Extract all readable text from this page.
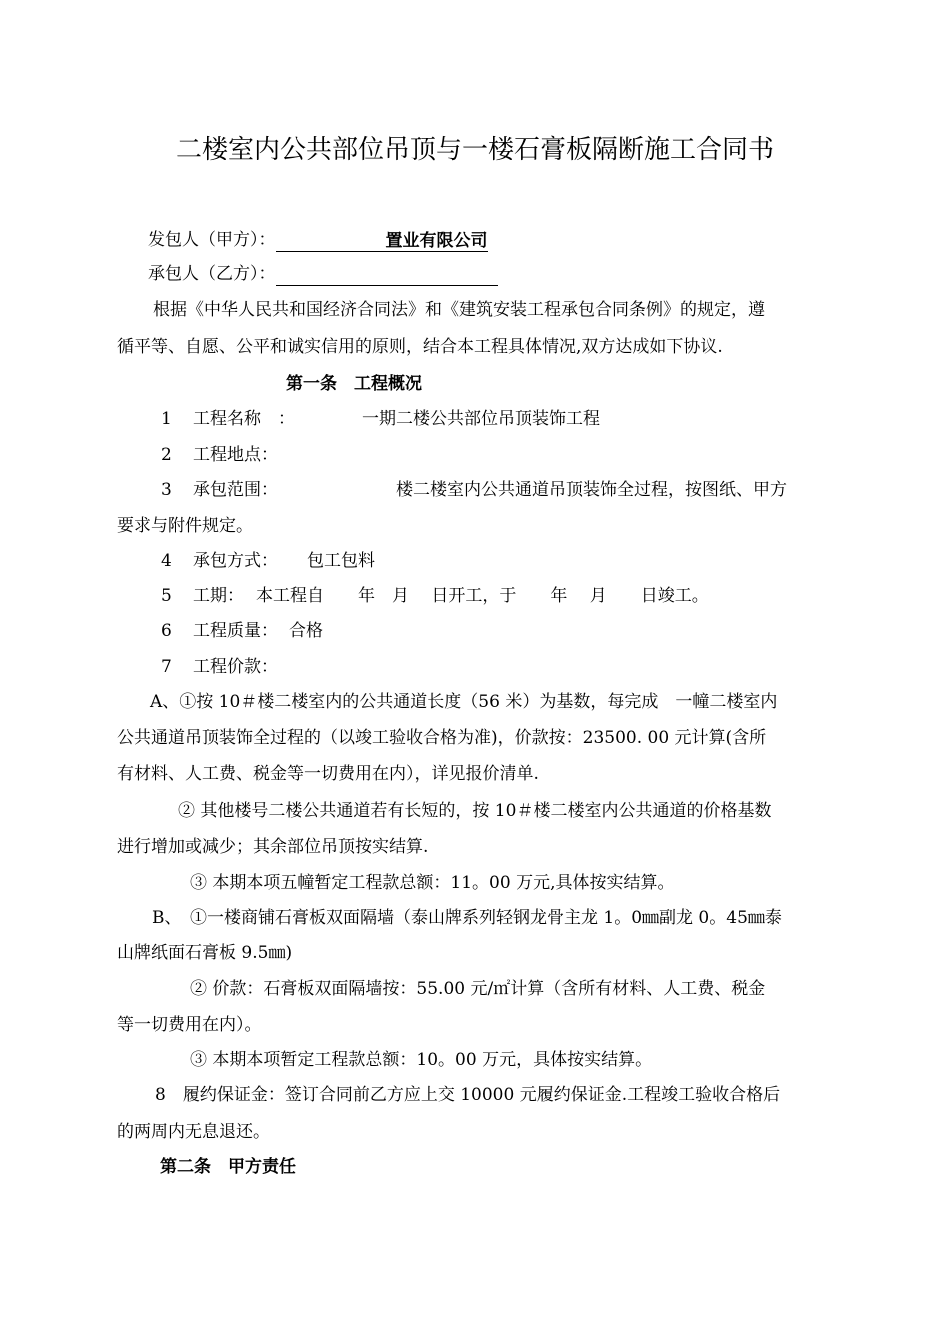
二楼室内公共部位吊顶与一楼石膏板隔断施工合同书
发包人（甲方）：	置业有限公司
承包人（乙方）：
根据《中华人民共和国经济合同法》和《建筑安装工程承包合同条例》的规定，遵
循平等、自愿、公平和诚实信用的原则，结合本工程具体情况,双方达成如下协议.
第一条　工程概况
1 工程名称　：	一期二楼公共部位吊顶装饰工程
2 工程地点：
3 承包范围：	楼二楼室内公共通道吊顶装饰全过程，按图纸、甲方
要求与附件规定。
4 承包方式： 包工包料
5 工期： 本工程自　　年　月　 日开工，于　　年　 月　　日竣工。
6 工程质量： 合格
7 工程价款：
A、①按 10＃楼二楼室内的公共通道长度（56 米）为基数，每完成　一幢二楼室内
公共通道吊顶装饰全过程的（以竣工验收合格为准)，价款按：23500. 00 元计算(含所
有材料、人工费、税金等一切费用在内），详见报价清单.
② 其他楼号二楼公共通道若有长短的，按 10＃楼二楼室内公共通道的价格基数
进行增加或减少；其余部位吊顶按实结算.
③ 本期本项五幢暂定工程款总额：11。00 万元,具体按实结算。
B、　①一楼商铺石膏板双面隔墙（泰山牌系列轻钢龙骨主龙 1。0㎜副龙 0。45㎜泰
山牌纸面石膏板 9.5㎜)
② 价款：石膏板双面隔墙按：55.00 元/㎡计算（含所有材料、人工费、税金
等一切费用在内）。
③ 本期本项暂定工程款总额：10。00 万元，具体按实结算。
8　履约保证金：签订合同前乙方应上交 10000 元履约保证金.工程竣工验收合格后
的两周内无息退还。
第二条　甲方责任
